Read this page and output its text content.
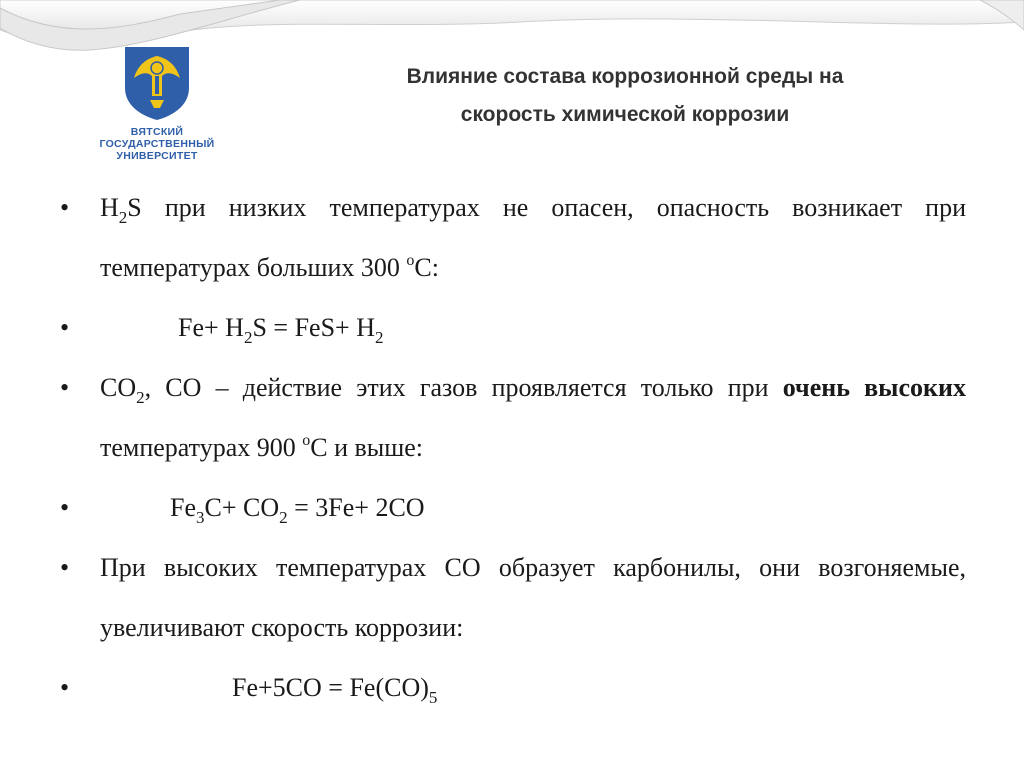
ВЯТСКИЙ
ГОСУДАРСТВЕННЫЙ
УНИВЕРСИТЕТ
Влияние состава коррозионной среды на
скорость химической коррозии
• $H_2S$ при низких температурах не опасен, опасность возникает при температурах больших 300 $^о$С:
•	$Fe+ H_2S = FeS+ H_2$
• $CO_2$, CO – действие этих газов проявляется только при очень высоких температурах 900 $^о$С и выше:
•	$Fe_3C+ CO_2 = 3Fe+ 2CO$
• При высоких температурах СО образует карбонилы, они возгоняемые, увеличивают скорость коррозии:
•	$Fe+5CO = Fe(CO)_5$
